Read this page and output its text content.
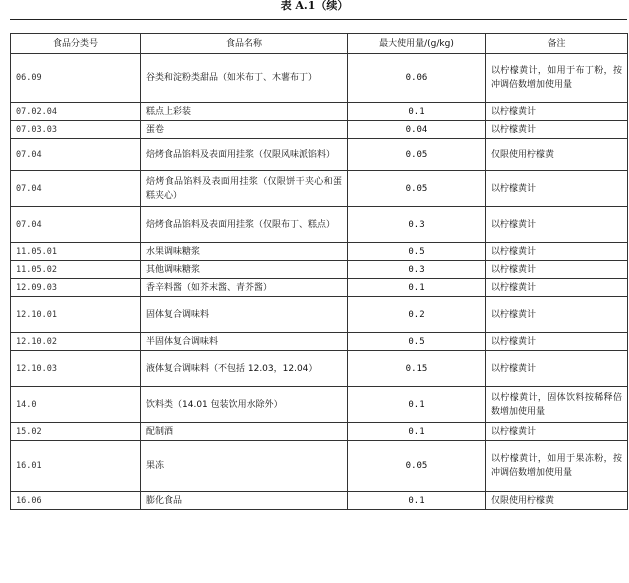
表 A.1（续）
食品分类号	食品名称	最大使用量/(g/kg)	备注
06.09	谷类和淀粉类甜品（如米布丁、木薯布丁）	0.06	以柠檬黄计，如用于布丁粉，按冲调倍数增加使用量
07.02.04	糕点上彩装	0.1	以柠檬黄计
07.03.03	蛋卷	0.04	以柠檬黄计
07.04	焙烤食品馅料及表面用挂浆（仅限风味派馅料）	0.05	仅限使用柠檬黄
07.04	焙烤食品馅料及表面用挂浆（仅限饼干夹心和蛋糕夹心）	0.05	以柠檬黄计
07.04	焙烤食品馅料及表面用挂浆（仅限布丁、糕点）	0.3	以柠檬黄计
11.05.01	水果调味糖浆	0.5	以柠檬黄计
11.05.02	其他调味糖浆	0.3	以柠檬黄计
12.09.03	香辛料酱（如芥末酱、青芥酱）	0.1	以柠檬黄计
12.10.01	固体复合调味料	0.2	以柠檬黄计
12.10.02	半固体复合调味料	0.5	以柠檬黄计
12.10.03	液体复合调味料（不包括 12.03，12.04）	0.15	以柠檬黄计
14.0	饮料类（14.01 包装饮用水除外）	0.1	以柠檬黄计，固体饮料按稀释倍数增加使用量
15.02	配制酒	0.1	以柠檬黄计
16.01	果冻	0.05	以柠檬黄计，如用于果冻粉，按冲调倍数增加使用量
16.06	膨化食品	0.1	仅限使用柠檬黄
